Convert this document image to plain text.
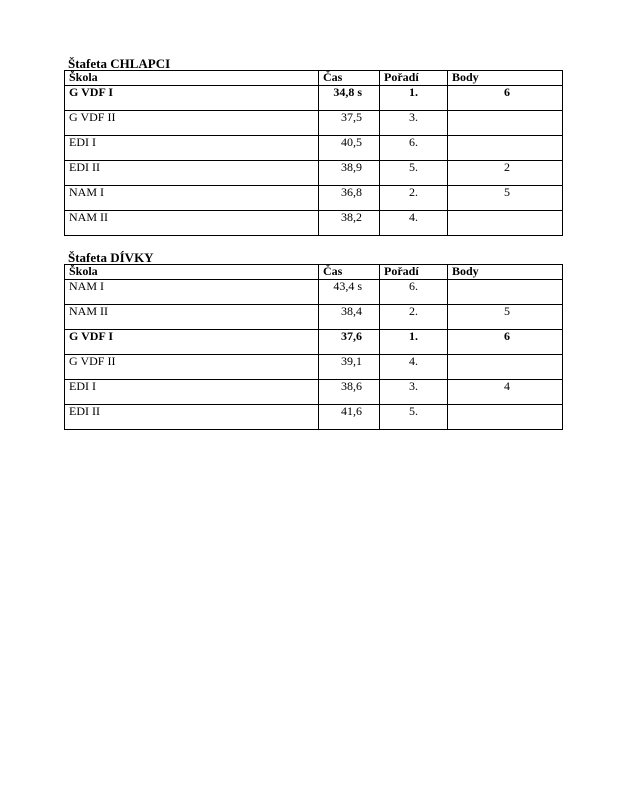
Štafeta CHLAPCI
Škola	Čas	Pořadí	Body
G VDF I	34,8 s	1.	6
G VDF II	37,5	3.	
EDI I	40,5	6.	
EDI II	38,9	5.	2
NAM I	36,8	2.	5
NAM II	38,2	4.	
Štafeta DÍVKY
Škola	Čas	Pořadí	Body
NAM I	43,4 s	6.	
NAM II	38,4	2.	5
G VDF I	37,6	1.	6
G VDF II	39,1	4.	
EDI I	38,6	3.	4
EDI II	41,6	5.	
